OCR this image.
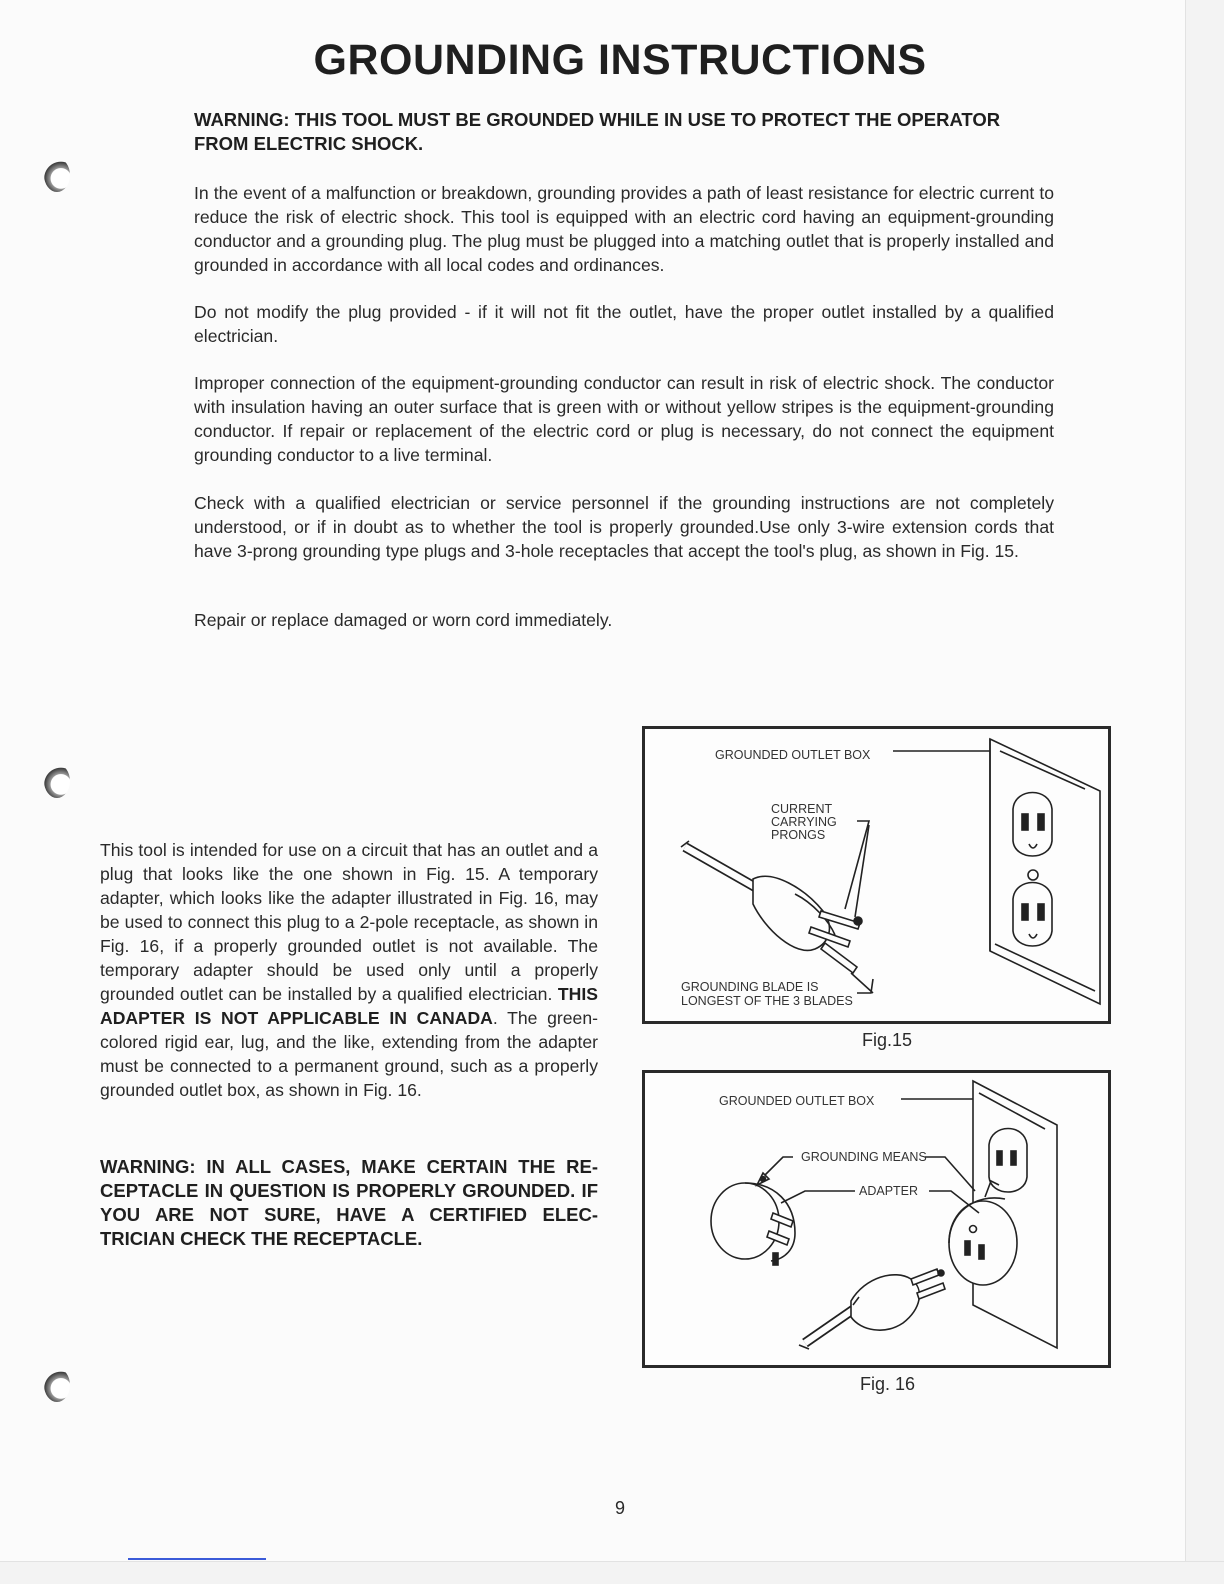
GROUNDING INSTRUCTIONS

WARNING: THIS TOOL MUST BE GROUNDED WHILE IN USE TO PROTECT THE OPERATOR FROM ELECTRIC SHOCK.

In the event of a malfunction or breakdown, grounding provides a path of least resistance for electric current to reduce the risk of electric shock. This tool is equipped with an electric cord having an equipment-grounding conductor and a grounding plug. The plug must be plugged into a matching outlet that is properly installed and grounded in accordance with all local codes and ordinances.

Do not modify the plug provided - if it will not fit the outlet, have the proper outlet installed by a qualified electrician.

Improper connection of the equipment-grounding conductor can result in risk of electric shock. The conductor with insulation having an outer surface that is green with or without yellow stripes is the equipment-grounding conductor. If repair or replacement of the electric cord or plug is necessary, do not connect the equipment grounding conductor to a live terminal.

Check with a qualified electrician or service personnel if the grounding instructions are not completely understood, or if in doubt as to whether the tool is properly grounded.Use only 3-wire extension cords that have 3-prong grounding type plugs and 3-hole receptacles that accept the tool's plug, as shown in Fig. 15.

Repair or replace damaged or worn cord immediately.

This tool is intended for use on a circuit that has an outlet and a plug that looks like the one shown in Fig. 15. A temporary adapter, which looks like the adapter illustrated in Fig. 16, may be used to connect this plug to a 2-pole receptacle, as shown in Fig. 16, if a properly grounded outlet is not available. The temporary adapter should be used only until a properly grounded outlet can be installed by a qualified electrician. THIS ADAPTER IS NOT APPLICABLE IN CANADA. The green-colored rigid ear, lug, and the like, extending from the adapter must be connected to a permanent ground, such as a properly grounded outlet box, as shown in Fig. 16.

WARNING: IN ALL CASES, MAKE CERTAIN THE RE- CEPTACLE IN QUESTION IS PROPERLY GROUNDED. IF YOU ARE NOT SURE, HAVE A CERTIFIED ELEC- TRICIAN CHECK THE RECEPTACLE.

GROUNDED OUTLET BOX
CURRENT
CARRYING
PRONGS
GROUNDING BLADE IS
LONGEST OF THE 3 BLADES
Fig.15
GROUNDED OUTLET BOX
GROUNDING MEANS
ADAPTER
Fig. 16
9
